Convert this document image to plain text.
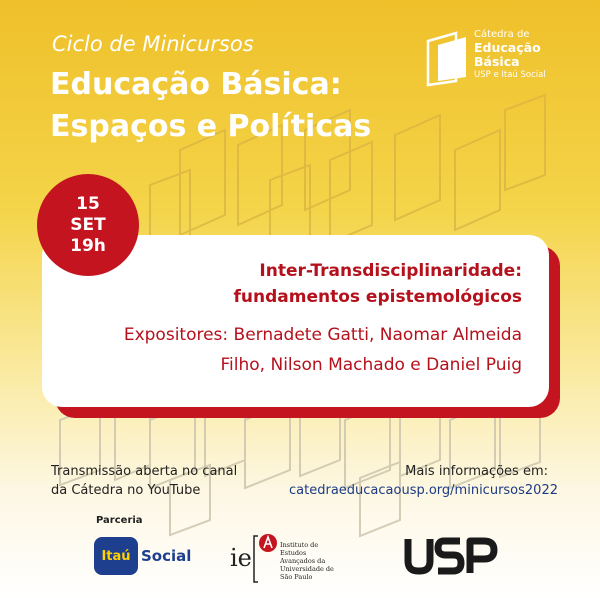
Ciclo de Minicursos
Educação Básica:
Espaços e Políticas
Cátedra de
Educação
Básica
USP e Itaú Social
15
SET
19h
Inter-Transdisciplinaridade:
fundamentos epistemológicos
Expositores: Bernadete Gatti, Naomar Almeida
Filho, Nilson Machado e Daniel Puig
Transmissão aberta no canal
da Cátedra no YouTube
Mais informações em:
catedraeducacaousp.org/minicursos2022
Parceria
Itaú Social ie	Instituto de
Estudos
Avançados da
Universidade de
São Paulo
